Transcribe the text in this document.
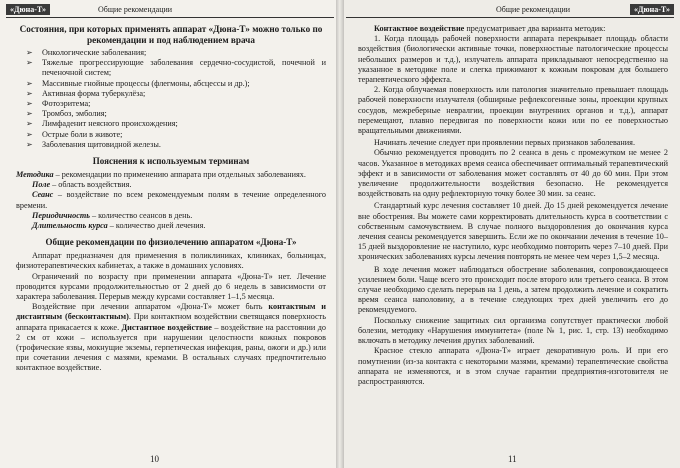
«Дюна-Т»	Общие рекомендации
Состояния, при которых применять аппарат «Дюна-Т» можно только по рекомендации и под наблюдением врача
➢ Онкологические заболевания;
➢ Тяжелые прогрессирующие заболевания сердечно-сосудистой, почечной и печеночной систем;
➢ Массивные гнойные процессы (флегмоны, абсцессы и др.);
➢ Активная форма туберкулёза;
➢ Фотоэритема;
➢ Тромбоз, эмболия;
➢ Лимфаденит неясного происхождения;
➢ Острые боли в животе;
➢ Заболевания щитовидной железы.
Пояснения к используемым терминам

Методика – рекомендации по применению аппарата при отдельных заболеваниях.

Поле – область воздействия.

Сеанс – воздействие по всем рекомендуемым полям в течение определенного времени.

Периодичность – количество сеансов в день.

Длительность курса – количество дней лечения.

Общие рекомендации по физиолечению аппаратом «Дюна-Т»

Аппарат предназначен для применения в поликлиниках, клиниках, больницах, физиотерапевтических кабинетах, а также в домашних условиях.

Ограничений по возрасту при применении аппарата «Дюна-Т» нет. Лечение проводится курсами продолжительностью от 2 дней до 6 недель в зависимости от характера заболевания. Перерыв между курсами составляет 1–1,5 месяца.

Воздействие при лечении аппаратом «Дюна-Т» может быть контактным и дистантным (бесконтактным). При контактном воздействии светящаяся поверхность аппарата прикасается к коже. Дистантное воздействие – воздействие на расстоянии до 2 см от кожи – используется при нарушении целостности кожных покровов (трофические язвы, мокнущие экземы, герпетическая инфекция, раны, ожоги и др.) или при сочетании лечения с мазями, кремами. В остальных случаях предпочтительно контактное воздействие.

10
Общие рекомендации	«Дюна-Т»

Контактное воздействие предусматривает два варианта методик:

1. Когда площадь рабочей поверхности аппарата перекрывает площадь области воздействия (биологически активные точки, поверхностные патологические процессы небольших размеров и т.д.), излучатель аппарата прикладывают непосредственно на указанное в методике поле и слегка прижимают к кожным покровам для большего терапевтического эффекта.

2. Когда облучаемая поверхность или патология значительно превышает площадь рабочей поверхности излучателя (обширные рефлексогенные зоны, проекции крупных сосудов, межреберные невралгии, проекции внутренних органов и т.д.), аппарат перемещают, плавно передвигая по поверхности кожи или по ее поверхностью вращательными движениями.

Начинать лечение следует при проявлении первых признаков заболевания.

Обычно рекомендуется проводить по 2 сеанса в день с промежутком не менее 2 часов. Указанное в методиках время сеанса обеспечивает оптимальный терапевтический эффект и в зависимости от заболевания может составлять от 40 до 60 мин. При этом увеличение продолжительности воздействия безопасно. Не рекомендуется воздействовать на одну рефлекторную точку более 30 мин. за сеанс.

Стандартный курс лечения составляет 10 дней. До 15 дней рекомендуется лечение вне обострения. Вы можете сами корректировать длительность курса в соответствии с собственным самочувствием. В случае полного выздоровления до окончания курса лечения сеансы рекомендуется завершить. Если же по окончании лечения в течение 10–15 дней выздоровление не наступило, курс необходимо повторить через 7–10 дней. При хронических заболеваниях курсы лечения повторять не менее чем через 1,5–2 месяца.

В ходе лечения может наблюдаться обострение заболевания, сопровождающееся усилением боли. Чаще всего это происходит после второго или третьего сеанса. В этом случае необходимо сделать перерыв на 1 день, а затем продолжить лечение и сократить время сеанса наполовину, а в течение следующих трех дней увеличить его до рекомендуемого.

Поскольку снижение защитных сил организма сопутствует практически любой болезни, методику «Нарушения иммунитета» (поле № 1, рис. 1, стр. 13) необходимо включать в методику лечения других заболеваний.

Красное стекло аппарата «Дюна-Т» играет декоративную роль. И при его помутнении (из-за контакта с некоторыми мазями, кремами) терапевтические свойства аппарата не изменяются, и в этом случае гарантии предприятия-изготовителя не распространяются.

11
